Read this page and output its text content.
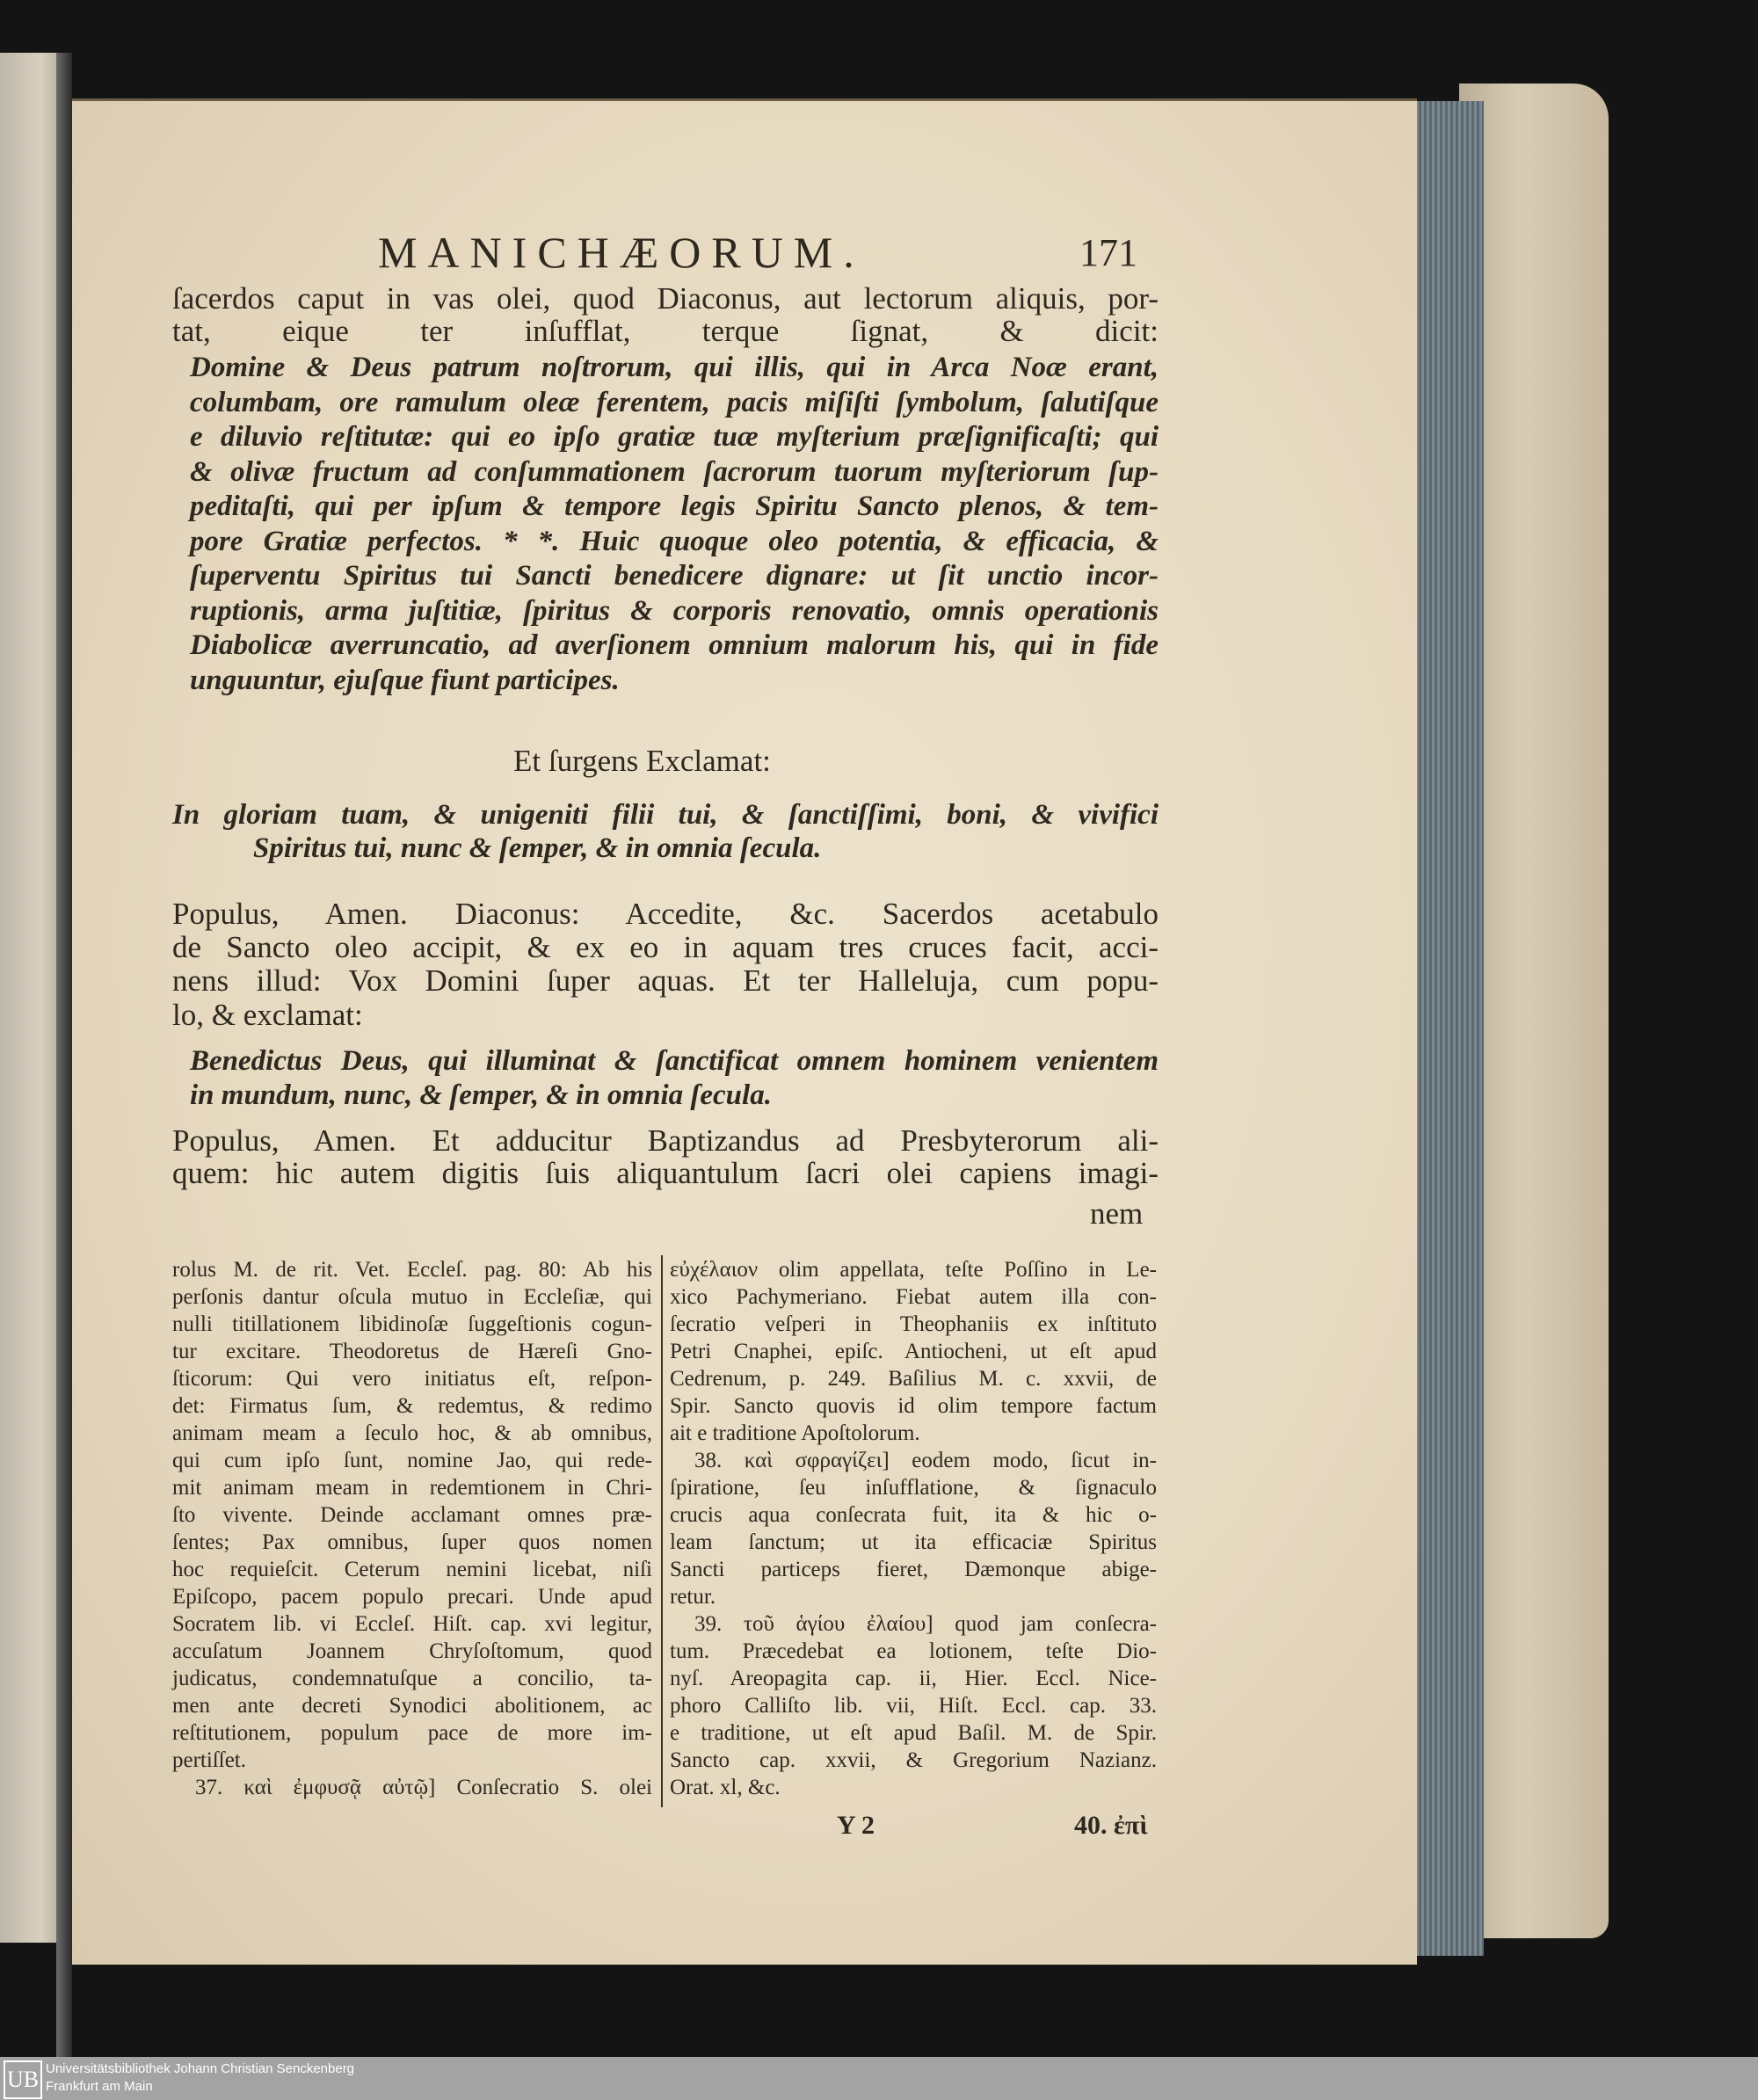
MANICHÆORUM.	171
ſacerdos caput in vas olei, quod Diaconus, aut lectorum aliquis, por-
tat, eique ter inſufflat, terque ſignat, & dicit:
Domine & Deus patrum noſtrorum, qui illis, qui in Arca Noæ erant,
columbam, ore ramulum oleæ ferentem, pacis miſiſti ſymbolum, ſalutiſque
e diluvio reſtitutæ: qui eo ipſo gratiæ tuæ myſterium præſignificaſti; qui
& olivæ fructum ad conſummationem ſacrorum tuorum myſteriorum ſup-
peditaſti, qui per ipſum & tempore legis Spiritu Sancto plenos, & tem-
pore Gratiæ perfectos. * *. Huic quoque oleo potentia, & efficacia, &
ſuperventu Spiritus tui Sancti benedicere dignare: ut ſit unctio incor-
ruptionis, arma juſtitiæ, ſpiritus & corporis renovatio, omnis operationis
Diabolicæ averruncatio, ad averſionem omnium malorum his, qui in fide
unguuntur, ejuſque fiunt participes.
In gloriam tuam, & unigeniti filii tui, & ſanctiſſimi, boni, & vivifici
Spiritus tui, nunc & ſemper, & in omnia ſecula.
Populus, Amen. Diaconus: Accedite, &c. Sacerdos acetabulo
de Sancto oleo accipit, & ex eo in aquam tres cruces facit, acci-
nens illud: Vox Domini ſuper aquas. Et ter Halleluja, cum popu-
lo, & exclamat:
Benedictus Deus, qui illuminat & ſanctificat omnem hominem venientem
in mundum, nunc, & ſemper, & in omnia ſecula.
Populus, Amen. Et adducitur Baptizandus ad Presbyterorum ali-
quem: hic autem digitis ſuis aliquantulum ſacri olei capiens imagi-
nem
rolus M. de rit. Vet. Eccleſ. pag. 80: Ab his
perſonis dantur oſcula mutuo in Eccleſiæ, qui
nulli titillationem libidinoſæ ſuggeſtionis cogun-
tur excitare. Theodoretus de Hæreſi Gno-
ſticorum: Qui vero initiatus eſt, reſpon-
det: Firmatus ſum, & redemtus, & redimo
animam meam a ſeculo hoc, & ab omnibus,
qui cum ipſo ſunt, nomine Jao, qui rede-
mit animam meam in redemtionem in Chri-
ſto vivente. Deinde acclamant omnes præ-
ſentes; Pax omnibus, ſuper quos nomen
hoc requieſcit. Ceterum nemini licebat, niſi
Epiſcopo, pacem populo precari. Unde apud
Socratem lib. vi Eccleſ. Hiſt. cap. xvi legitur,
accuſatum Joannem Chryſoſtomum, quod
judicatus, condemnatuſque a concilio, ta-
men ante decreti Synodici abolitionem, ac
reſtitutionem, populum pace de more im-
pertiſſet.
37. καὶ ἐμφυσᾷ αὐτῷ] Conſecratio S. olei
εὐχέλαιον olim appellata, teſte Poſſino in Le-
xico Pachymeriano. Fiebat autem illa con-
ſecratio veſperi in Theophaniis ex inſtituto
Petri Cnaphei, epiſc. Antiocheni, ut eſt apud
Cedrenum, p. 249. Baſilius M. c. xxvii, de
Spir. Sancto quovis id olim tempore factum
ait e traditione Apoſtolorum.
38. καὶ σφραγίζει] eodem modo, ſicut in-
ſpiratione, ſeu inſufflatione, & ſignaculo
crucis aqua conſecrata fuit, ita & hic o-
leam ſanctum; ut ita efficaciæ Spiritus
Sancti particeps fieret, Dæmonque abige-
retur.
39. τοῦ ἁγίου ἐλαίου] quod jam conſecra-
tum. Præcedebat ea lotionem, teſte Dio-
nyſ. Areopagita cap. ii, Hier. Eccl. Nice-
phoro Calliſto lib. vii, Hiſt. Eccl. cap. 33.
e traditione, ut eſt apud Baſil. M. de Spir.
Sancto cap. xxvii, & Gregorium Nazianz.
Orat. xl, &c.
Et ſurgens Exclamat:
Y 2	40. ἐπὶ
UB Universitätsbibliothek Johann Christian Senckenberg
Frankfurt am Main
